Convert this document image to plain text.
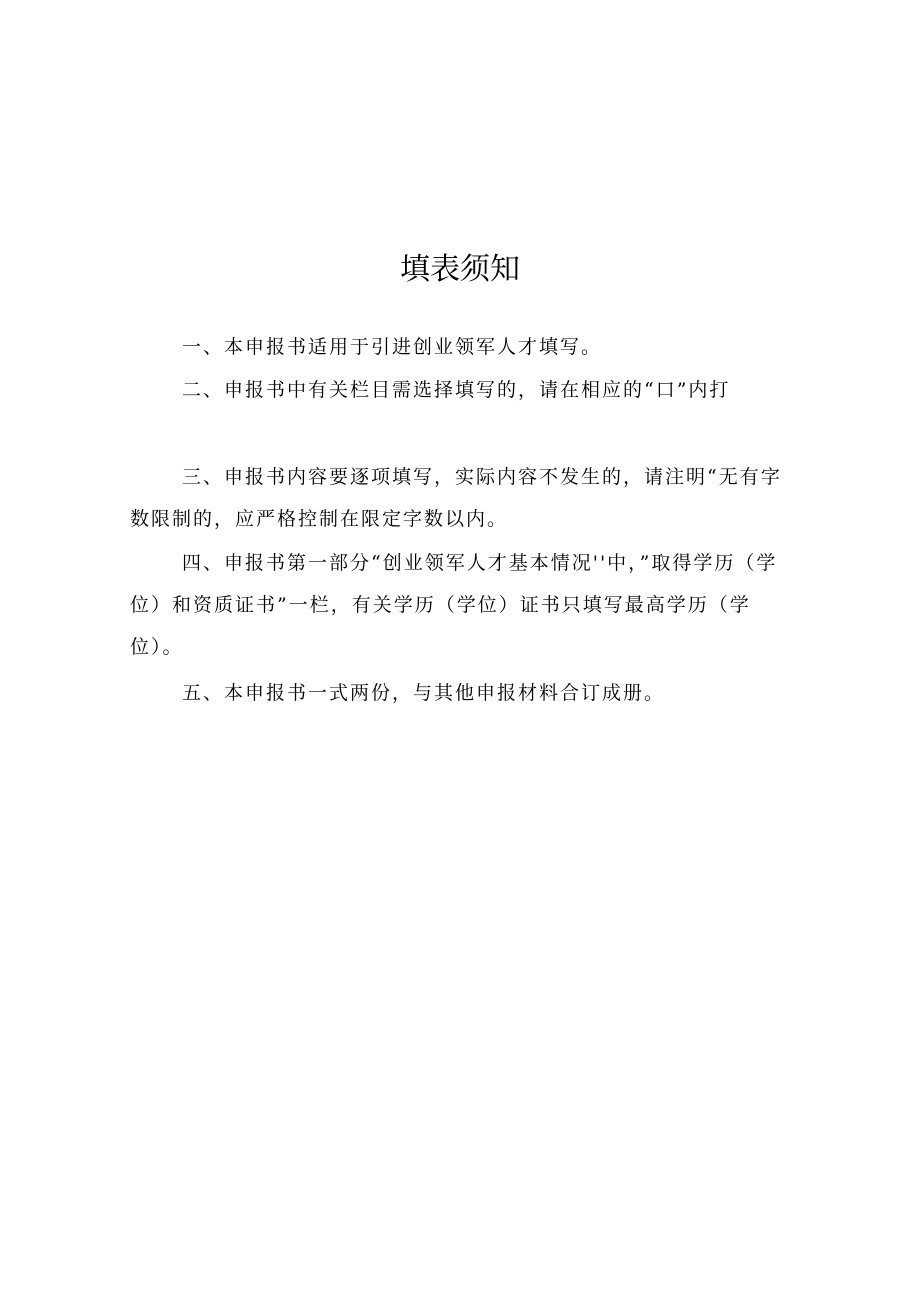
填表须知
一、本申报书适用于引进创业领军人才填写。
二、申报书中有关栏目需选择填写的，请在相应的“口”内打
三、申报书内容要逐项填写，实际内容不发生的，请注明“无有字数限制的，应严格控制在限定字数以内。
四、申报书第一部分“创业领军人才基本情况''中，”取得学历（学位）和资质证书”一栏，有关学历（学位）证书只填写最高学历（学位）。
五、本申报书一式两份，与其他申报材料合订成册。
